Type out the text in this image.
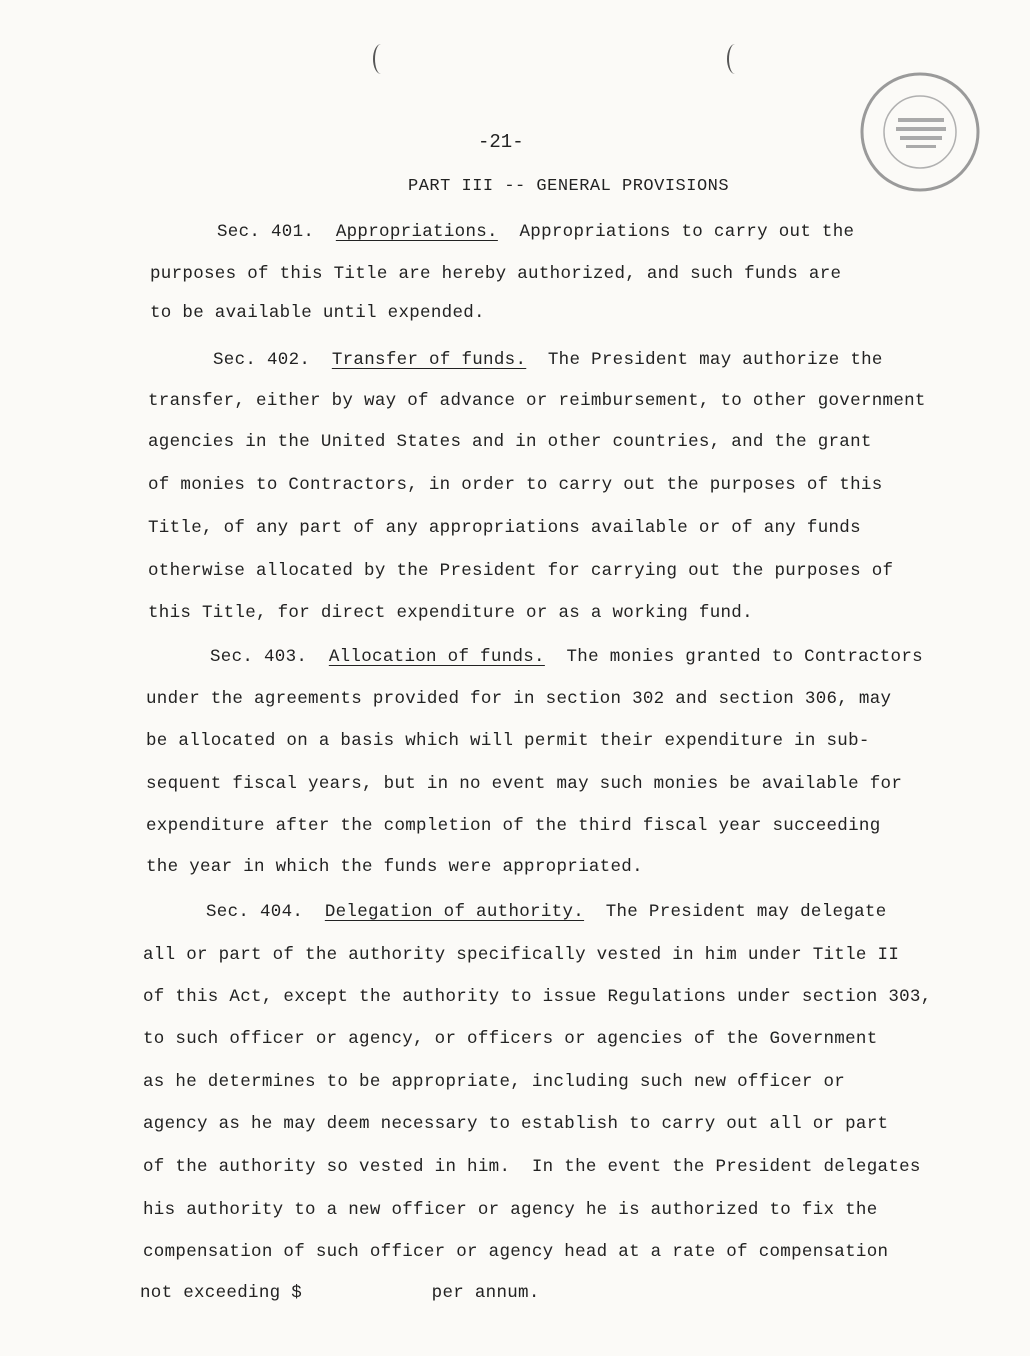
-21-
PART III -- GENERAL PROVISIONS
Sec. 401. Appropriations. Appropriations to carry out the
purposes of this Title are hereby authorized, and such funds are
to be available until expended.
Sec. 402. Transfer of funds. The President may authorize the
transfer, either by way of advance or reimbursement, to other government
agencies in the United States and in other countries, and the grant
of monies to Contractors, in order to carry out the purposes of this
Title, of any part of any appropriations available or of any funds
otherwise allocated by the President for carrying out the purposes of
this Title, for direct expenditure or as a working fund.
Sec. 403. Allocation of funds. The monies granted to Contractors
under the agreements provided for in section 302 and section 306, may
be allocated on a basis which will permit their expenditure in sub-
sequent fiscal years, but in no event may such monies be available for
expenditure after the completion of the third fiscal year succeeding
the year in which the funds were appropriated.
Sec. 404. Delegation of authority. The President may delegate
all or part of the authority specifically vested in him under Title II
of this Act, except the authority to issue Regulations under section 303,
to such officer or agency, or officers or agencies of the Government
as he determines to be appropriate, including such new officer or
agency as he may deem necessary to establish to carry out all or part
of the authority so vested in him.  In the event the President delegates
his authority to a new officer or agency he is authorized to fix the
compensation of such officer or agency head at a rate of compensation
not exceeding $            per annum.
